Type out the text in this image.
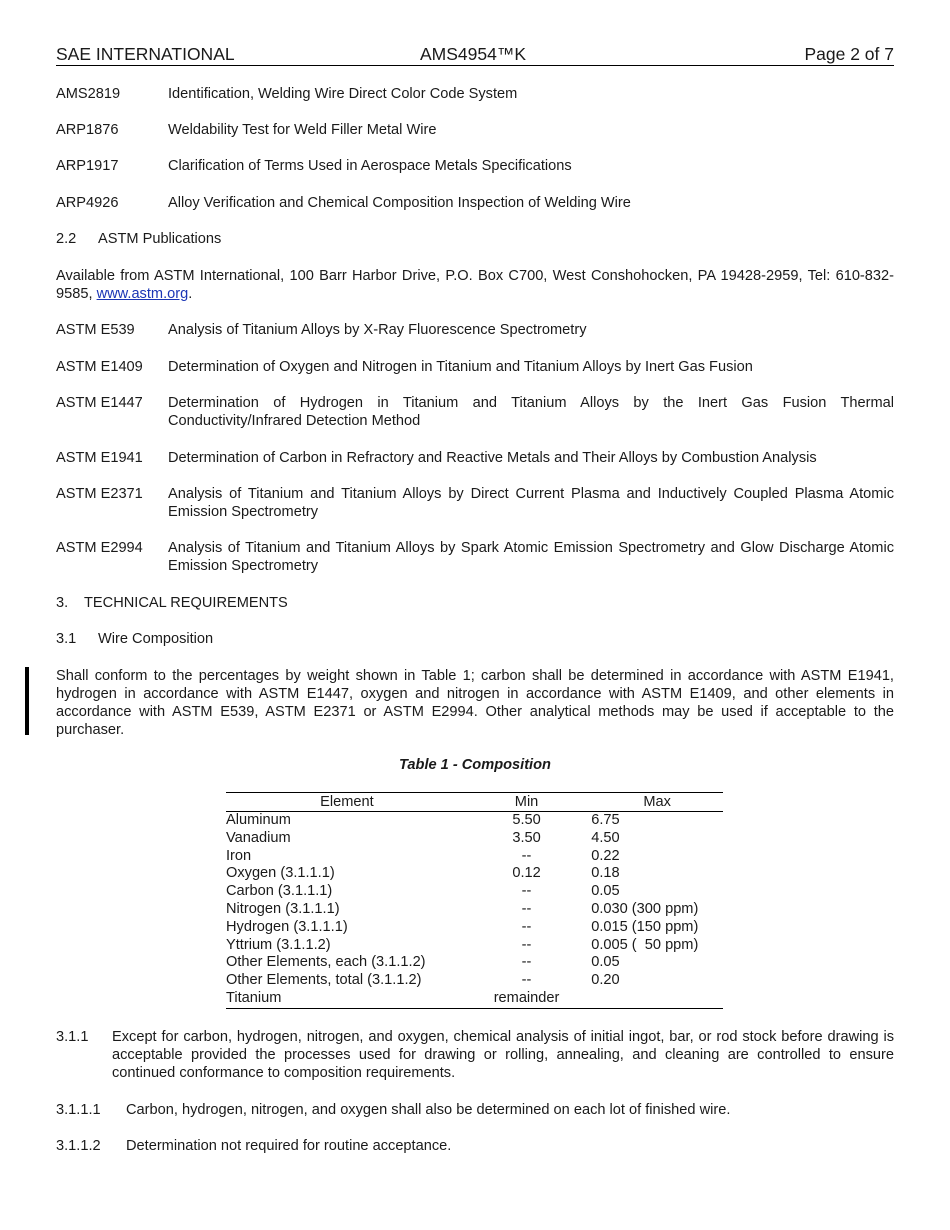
SAE INTERNATIONAL	AMS4954™K	Page 2 of 7
AMS2819	Identification, Welding Wire Direct Color Code System
ARP1876	Weldability Test for Weld Filler Metal Wire
ARP1917	Clarification of Terms Used in Aerospace Metals Specifications
ARP4926	Alloy Verification and Chemical Composition Inspection of Welding Wire
2.2 ASTM Publications
Available from ASTM International, 100 Barr Harbor Drive, P.O. Box C700, West Conshohocken, PA 19428-2959, Tel: 610-832-9585, www.astm.org.
ASTM E539	Analysis of Titanium Alloys by X-Ray Fluorescence Spectrometry
ASTM E1409	Determination of Oxygen and Nitrogen in Titanium and Titanium Alloys by Inert Gas Fusion
ASTM E1447	Determination of Hydrogen in Titanium and Titanium Alloys by the Inert Gas Fusion Thermal Conductivity/Infrared Detection Method
ASTM E1941	Determination of Carbon in Refractory and Reactive Metals and Their Alloys by Combustion Analysis
ASTM E2371	Analysis of Titanium and Titanium Alloys by Direct Current Plasma and Inductively Coupled Plasma Atomic Emission Spectrometry
ASTM E2994	Analysis of Titanium and Titanium Alloys by Spark Atomic Emission Spectrometry and Glow Discharge Atomic Emission Spectrometry
3. TECHNICAL REQUIREMENTS
3.1 Wire Composition
Shall conform to the percentages by weight shown in Table 1; carbon shall be determined in accordance with ASTM E1941, hydrogen in accordance with ASTM E1447, oxygen and nitrogen in accordance with ASTM E1409, and other elements in accordance with ASTM E539, ASTM E2371 or ASTM E2994. Other analytical methods may be used if acceptable to the purchaser.
Table 1 - Composition
Element	Min	Max
Aluminum	5.50	6.75
Vanadium	3.50	4.50
Iron	--	0.22
Oxygen (3.1.1.1)	0.12	0.18
Carbon (3.1.1.1)	--	0.05
Nitrogen (3.1.1.1)	--	0.030 (300 ppm)
Hydrogen (3.1.1.1)	--	0.015 (150 ppm)
Yttrium (3.1.1.2)	--	0.005 (  50 ppm)
Other Elements, each (3.1.1.2)	--	0.05
Other Elements, total (3.1.1.2)	--	0.20
Titanium	remainder	
3.1.1 Except for carbon, hydrogen, nitrogen, and oxygen, chemical analysis of initial ingot, bar, or rod stock before drawing is acceptable provided the processes used for drawing or rolling, annealing, and cleaning are controlled to ensure continued conformance to composition requirements.
3.1.1.1 Carbon, hydrogen, nitrogen, and oxygen shall also be determined on each lot of finished wire.
3.1.1.2 Determination not required for routine acceptance.
